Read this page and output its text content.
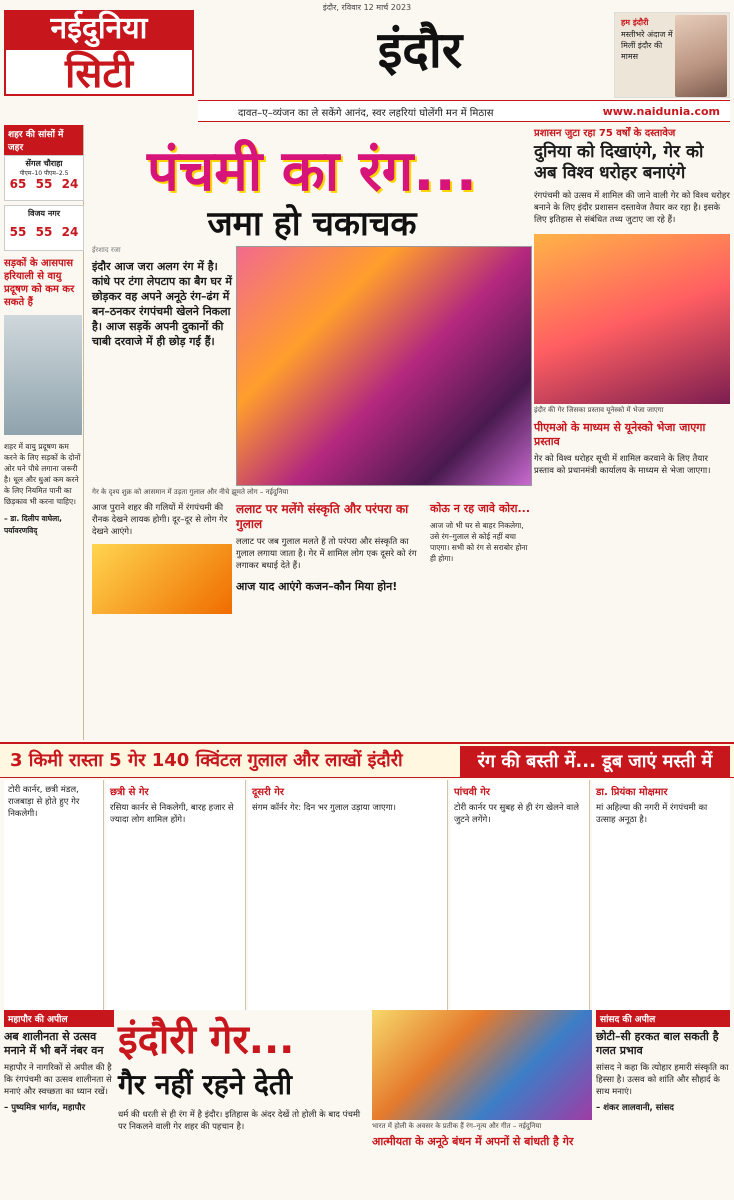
इंदौर, रविवार 12 मार्च 2023
नईदुनिया
सिटी	इंदौर	हम इंदौरी
मस्तीभरे अंदाज में मिलीं इंदौर की मामस
दावत–ए–व्यंजन का ले सकेंगे आनंद, स्वर लहरियां घोलेंगी मन में मिठास	www.naidunia.com
शहर की सांसों में जहर
सेंगल चौराहा
पीएम–10 पीएम–2.5
65 55 24
विजय नगर
55 55 24
सड़कों के आसपास हरियाली से वायु प्रदूषण को कम कर सकते हैं
शहर में वायु प्रदूषण कम करने के लिए सड़कों के दोनों ओर घने पौधे लगाना जरूरी है। धूल और धुआं कम करने के लिए नियमित पानी का छिड़काव भी करना चाहिए।
– डा. दिलीप वाघेला, पर्यावरणविद्
पंचमी का रंग...
जमा हो चकाचक
ईरशाद रजा
इंदौर आज जरा अलग रंग में है। कांधे पर टंगा लेपटाप का बैग घर में छोड़कर वह अपने अनूठे रंग–ढंग में बन–ठनकर रंगपंचमी खेलने निकला है। आज सड़कें अपनी दुकानों की चाबी दरवाजे में ही छोड़ गई हैं।
गेर के दृश्य शुक्र को आसमान में उड़ता गुलाल और नीचे झूमते लोग – नईदुनिया
आज पुराने शहर की गलियों में रंगपंचमी की रौनक देखने लायक होगी। दूर–दूर से लोग गेर देखने आएंगे।
ललाट पर मलेंगे संस्कृति और परंपरा का गुलाल
ललाट पर जब गुलाल मलते हैं तो परंपरा और संस्कृति का गुलाल लगाया जाता है। गेर में शामिल लोग एक दूसरे को रंग लगाकर बधाई देते हैं।
आज याद आएंगे कजन–कौन मिया होन!
कोऊ न रह जावे कोरा...
आज जो भी घर से बाहर निकलेगा, उसे रंग–गुलाल से कोई नहीं बचा पाएगा। सभी को रंग से सराबोर होना ही होगा।
प्रशासन जुटा रहा 75 वर्षों के दस्तावेज
दुनिया को दिखाएंगे, गेर को अब विश्व धरोहर बनाएंगे
रंगपंचमी को उत्सव में शामिल की जाने वाली गेर को विश्व धरोहर बनाने के लिए इंदौर प्रशासन दस्तावेज तैयार कर रहा है। इसके लिए इतिहास से संबंधित तथ्य जुटाए जा रहे हैं।
इंदौर की गेर जिसका प्रस्ताव यूनेस्को में भेजा जाएगा
पीएमओ के माध्यम से यूनेस्को भेजा जाएगा प्रस्ताव
गेर को विश्व धरोहर सूची में शामिल करवाने के लिए तैयार प्रस्ताव को प्रधानमंत्री कार्यालय के माध्यम से भेजा जाएगा।
3 किमी रास्ता 5 गेर 140 क्विंटल गुलाल और लाखों इंदौरी	रंग की बस्ती में... डूब जाएं मस्ती में
टोरी कार्नर, छत्री मंडल, राजबाड़ा से होते हुए गेर निकलेगी।
छत्री से गेर
रसिया कार्नर से निकलेगी, बारह हजार से ज्यादा लोग शामिल होंगे।
दूसरी गेर
संगम कॉर्नर गेर: दिन भर गुलाल उड़ाया जाएगा।
पांचवी गेर
टोरी कार्नर पर सुबह से ही रंग खेलने वाले जुटने लगेंगे।
डा. प्रियंका मोक्षमार
मां अहिल्या की नगरी में रंगपंचमी का उत्साह अनूठा है।
महापौर की अपील
अब शालीनता से उत्सव मनाने में भी बनें नंबर वन
महापौर ने नागरिकों से अपील की है कि रंगपंचमी का उत्सव शालीनता से मनाएं और स्वच्छता का ध्यान रखें।
– पुष्यमित्र भार्गव, महापौर
इंदौरी गेर...
गैर नहीं रहने देती
धर्म की धरती से ही रंग में है इंदौर। इतिहास के अंदर देखें तो होली के बाद पंचमी पर निकलने वाली गेर शहर की पहचान है।	भारत में होली के अवसर के प्रतीक हैं रंग–नृत्य और गीत – नईदुनिया
आत्मीयता के अनूठे बंधन में अपनों से बांधती है गेर
सांसद की अपील
छोटी–सी हरकत बाल सकती है गलत प्रभाव
सांसद ने कहा कि त्योहार हमारी संस्कृति का हिस्सा है। उत्सव को शांति और सौहार्द के साथ मनाएं।
– शंकर लालवानी, सांसद
